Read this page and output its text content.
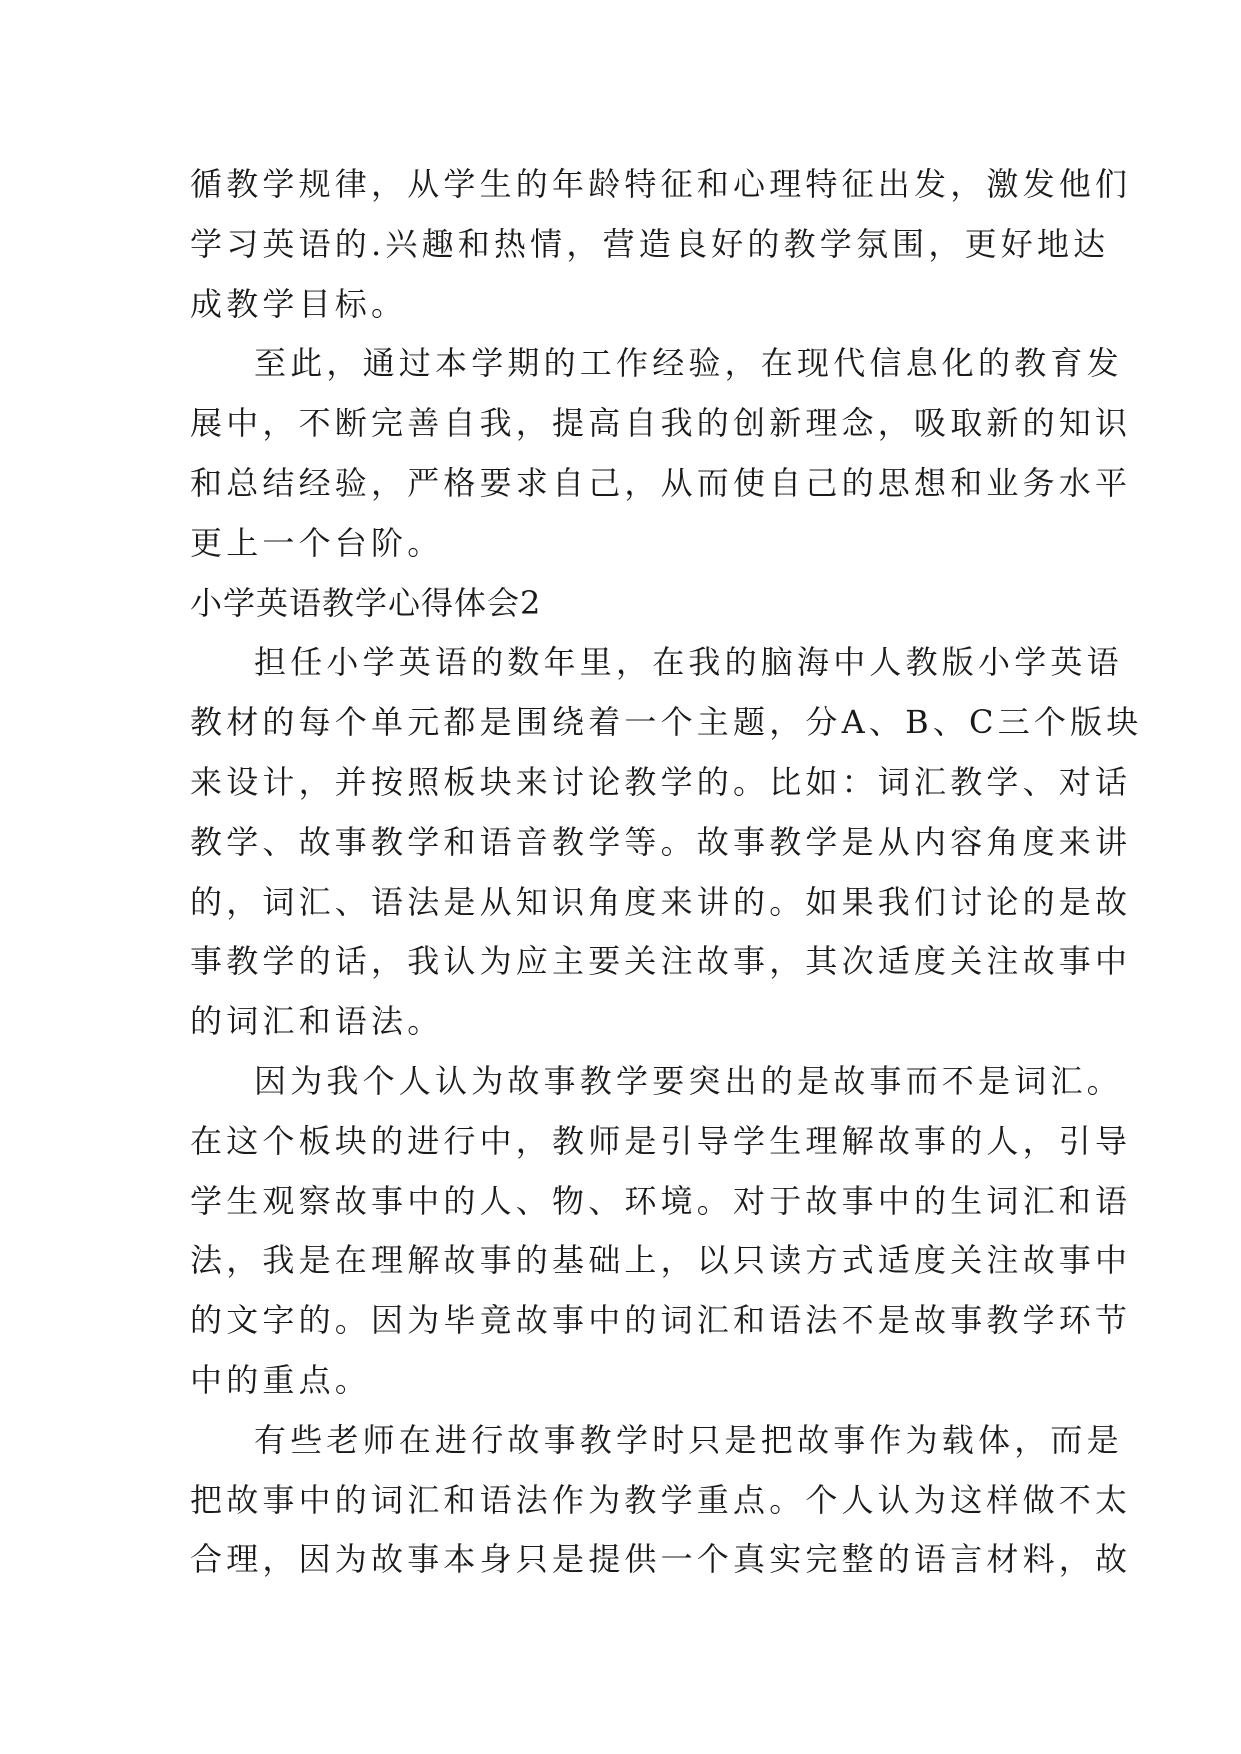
循教学规律，从学生的年龄特征和心理特征出发，激发他们
学习英语的.兴趣和热情，营造良好的教学氛围，更好地达
成教学目标。
至此，通过本学期的工作经验，在现代信息化的教育发
展中，不断完善自我，提高自我的创新理念，吸取新的知识
和总结经验，严格要求自己，从而使自己的思想和业务水平
更上一个台阶。
小学英语教学心得体会2
担任小学英语的数年里，在我的脑海中人教版小学英语
教材的每个单元都是围绕着一个主题，分A、B、C三个版块
来设计，并按照板块来讨论教学的。比如：词汇教学、对话
教学、故事教学和语音教学等。故事教学是从内容角度来讲
的，词汇、语法是从知识角度来讲的。如果我们讨论的是故
事教学的话，我认为应主要关注故事，其次适度关注故事中
的词汇和语法。
因为我个人认为故事教学要突出的是故事而不是词汇。
在这个板块的进行中，教师是引导学生理解故事的人，引导
学生观察故事中的人、物、环境。对于故事中的生词汇和语
法，我是在理解故事的基础上，以只读方式适度关注故事中
的文字的。因为毕竟故事中的词汇和语法不是故事教学环节
中的重点。
有些老师在进行故事教学时只是把故事作为载体，而是
把故事中的词汇和语法作为教学重点。个人认为这样做不太
合理，因为故事本身只是提供一个真实完整的语言材料，故
